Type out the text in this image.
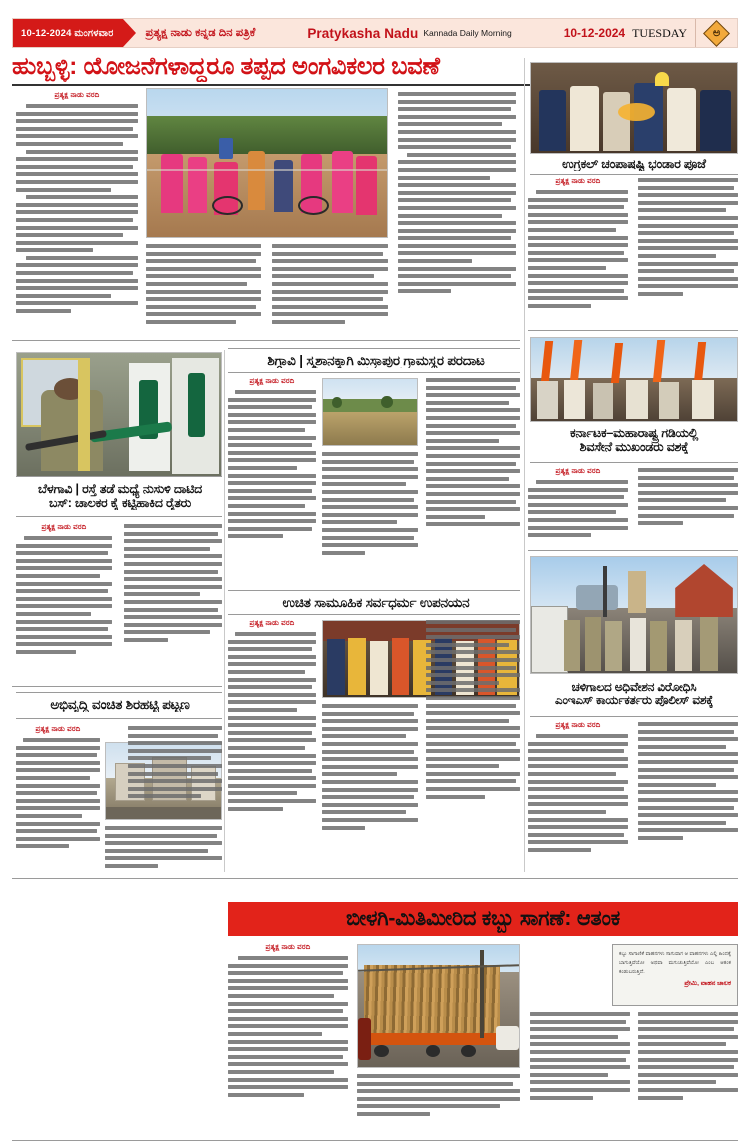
10-12-2024 ಮಂಗಳವಾರ	ಪ್ರತ್ಯಕ್ಷ ನಾಡು ಕನ್ನಡ ದಿನ ಪತ್ರಿಕೆ	Pratykasha Nadu Kannada Daily Morning	10-12-2024 TUESDAY ಅ
ಹುಬ್ಬಳ್ಳಿ: ಯೋಜನೆಗಳಾದ್ದರೂ ತಪ್ಪದ ಅಂಗವಿಕಲರ ಬವಣೆ
ಬೆಳಗಾವಿ | ರಸ್ತೆ ತಡೆ ಮಧ್ಯೆ ನುಸುಳಿ ದಾಟಿದ
ಬಸ್: ಚಾಲಕರ ಕೈ ಕಟ್ಟಿಹಾಕಿದ ರೈತರು
ಶಿಗ್ಗಾವಿ | ಸ್ಮಶಾನಕ್ಕಾಗಿ ಮಿಸ್ರಾಪುರ ಗ್ರಾಮಸ್ಥರ ಪರದಾಟ
ಉಗ್ರಕಲ್ ಚಂಪಾಷಷ್ಟಿ ಭಂಡಾರ ಪೂಜೆ
ಕರ್ನಾಟಕ–ಮಹಾರಾಷ್ಟ್ರ ಗಡಿಯಲ್ಲಿ
ಶಿವಸೇನೆ ಮುಖಂಡರು ವಶಕ್ಕೆ
ಉಚಿತ ಸಾಮೂಹಿಕ ಸರ್ವಧರ್ಮ ಉಪನಯನ
ಚಳಿಗಾಲದ ಅಧಿವೇಶನ ವಿರೋಧಿಸಿ
ಎಂಇಎಸ್ ಕಾರ್ಯಕರ್ತರು ಪೊಲೀಸ್ ವಶಕ್ಕೆ
ಅಭಿವೃದ್ಧಿ ವಂಚಿತ ಶಿರಹಟ್ಟಿ ಪಟ್ಟಣ
ಬೀಳಗಿ-ಮಿತಿಮೀರಿದ ಕಬ್ಬು ಸಾಗಣೆ: ಆತಂಕ
ಕಬ್ಬು ಸಾಗಾಣಿಕೆ ವಾಹನಗಳು ಸಾಗುವಾಗ ಆ ವಾಹನಗಳು ಎಲ್ಲಿ ಹಿಂದಕ್ಕೆ ಬಾಗುತ್ತಿವೆಯೋ ಅಥವಾ ಮಗುಚುತ್ತಿವೆಯೋ ಎಂಬ ಆತಂಕ ಕಂಡುಬರುತ್ತಿದೆ.
ಪ್ರೇಮಿ, ವಾಹನ ಚಾಲಕ
ಪ್ರತ್ಯಕ್ಷ ನಾಡು ವರದಿ
ಪ್ರತ್ಯಕ್ಷ ನಾಡು ವರದಿ
ಪ್ರತ್ಯಕ್ಷ ನಾಡು ವರದಿ
ಪ್ರತ್ಯಕ್ಷ ನಾಡು ವರದಿ
ಪ್ರತ್ಯಕ್ಷ ನಾಡು ವರದಿ
ಪ್ರತ್ಯಕ್ಷ ನಾಡು ವರದಿ
ಪ್ರತ್ಯಕ್ಷ ನಾಡು ವರದಿ
ಪ್ರತ್ಯಕ್ಷ ನಾಡು ವರದಿ
ಪ್ರತ್ಯಕ್ಷ ನಾಡು ವರದಿ
